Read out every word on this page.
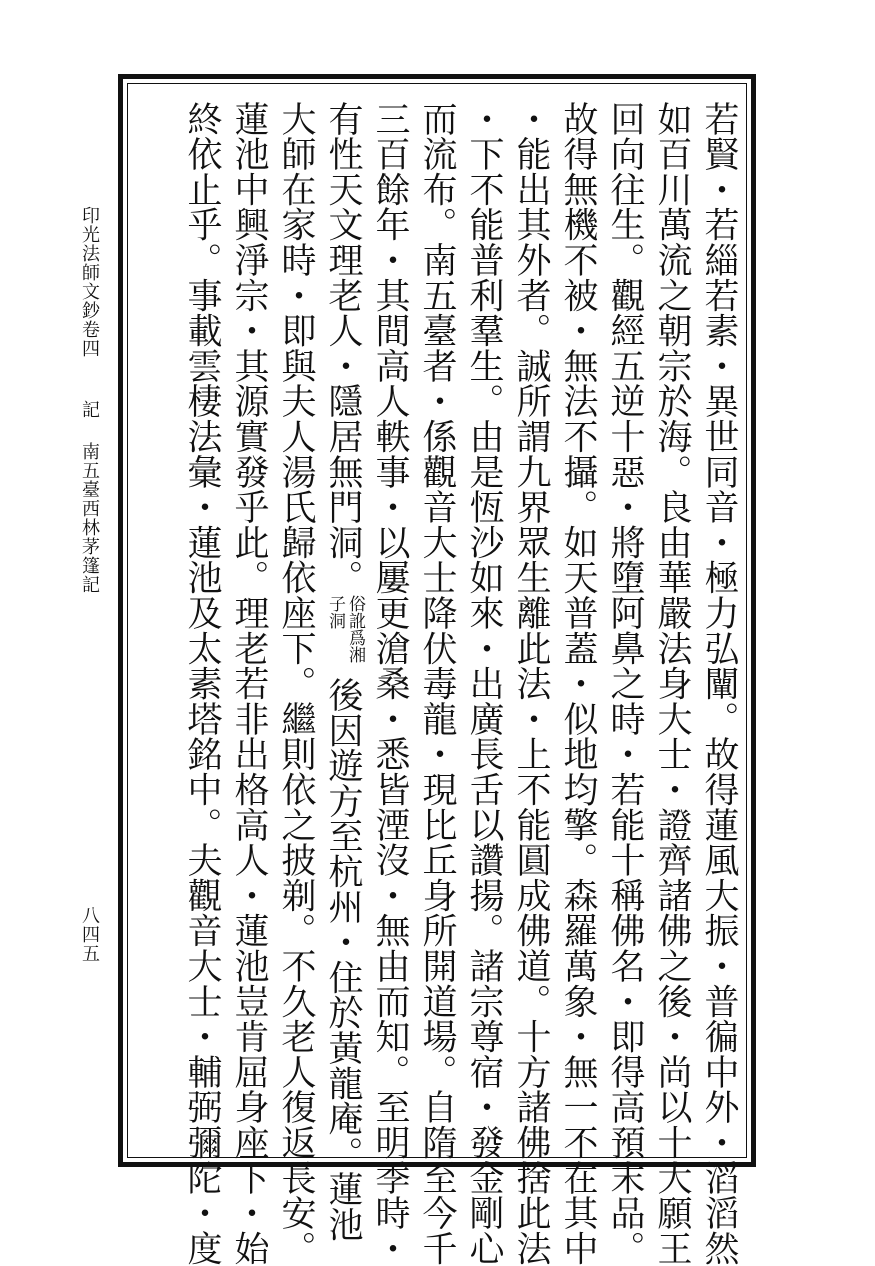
印光法師文鈔卷四
記
南五臺西林茅篷記
八四五	若賢・若緇若素・異世同音・極力弘闡。故得蓮風大振・普徧中外・滔滔然
如百川萬流之朝宗於海。良由華嚴法身大士・證齊諸佛之後・尚以十大願王
回向往生。觀經五逆十惡・將墮阿鼻之時・若能十稱佛名・即得高預末品。
故得無機不被・無法不攝。如天普蓋・似地均擎。森羅萬象・無一不在其中
・能出其外者。誠所謂九界眾生離此法・上不能圓成佛道。十方諸佛捨此法
・下不能普利羣生。由是恆沙如來・出廣長舌以讚揚。諸宗尊宿・發金剛心
而流布。南五臺者・係觀音大士降伏毒龍・現比丘身所開道場。自隋至今千
三百餘年・其間高人軼事・以屢更滄桑・悉皆湮沒・無由而知。至明季時・
有性天文理老人・隱居無門洞。俗訛爲湘子洞後因遊方至杭州・住於黃龍庵。蓮池
大師在家時・即與夫人湯氏歸依座下。繼則依之披剃。不久老人復返長安。
蓮池中興淨宗・其源實發乎此。理老若非出格高人・蓮池豈肯屈身座下・始
終依止乎。事載雲棲法彙・蓮池及太素塔銘中。夫觀音大士・輔弼彌陀・度
